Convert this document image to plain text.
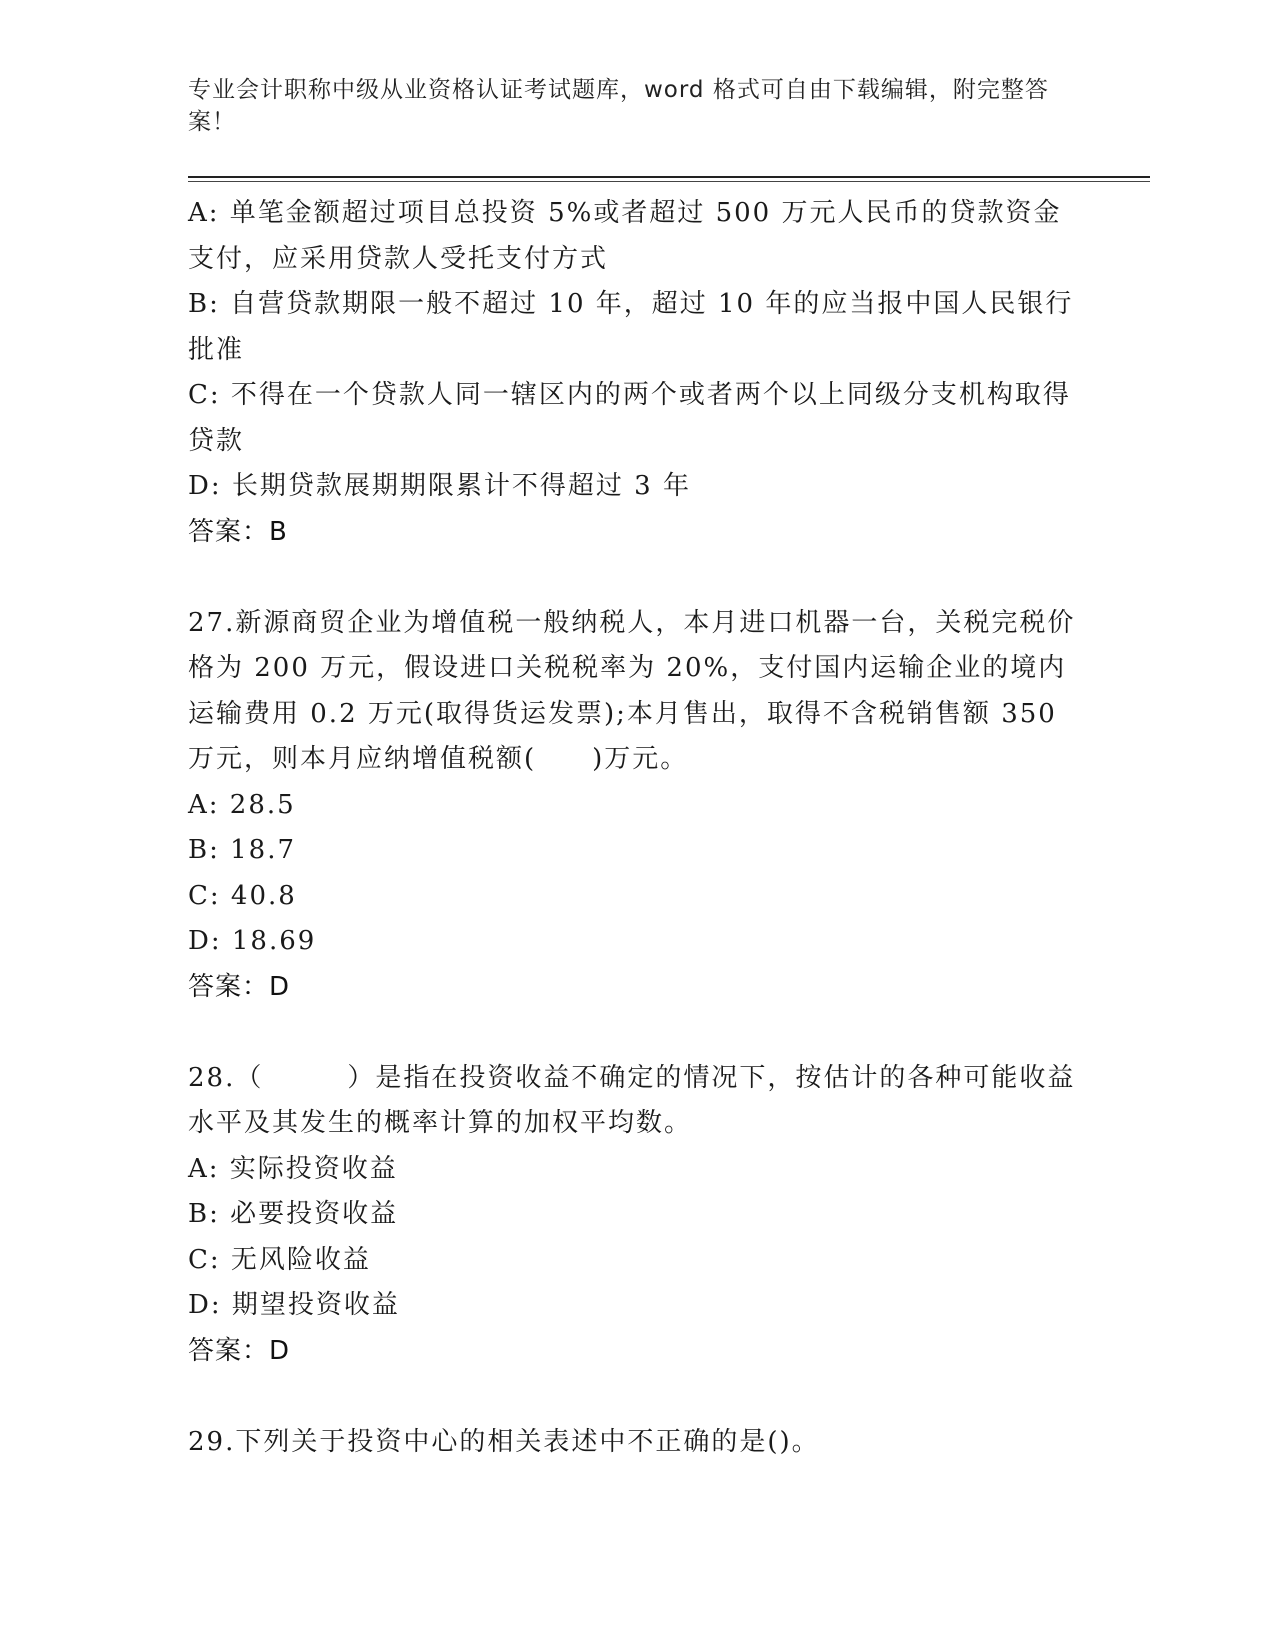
专业会计职称中级从业资格认证考试题库，word 格式可自由下载编辑，附完整答案！
A: 单笔金额超过项目总投资 5%或者超过 500 万元人民币的贷款资金支付，应采用贷款人受托支付方式
B: 自营贷款期限一般不超过 10 年，超过 10 年的应当报中国人民银行批准
C: 不得在一个贷款人同一辖区内的两个或者两个以上同级分支机构取得贷款
D: 长期贷款展期期限累计不得超过 3 年
答案：B
27.新源商贸企业为增值税一般纳税人，本月进口机器一台，关税完税价格为 200 万元，假设进口关税税率为 20%，支付国内运输企业的境内运输费用 0.2 万元(取得货运发票);本月售出，取得不含税销售额 350 万元，则本月应纳增值税额(　　)万元。
A: 28.5
B: 18.7
C: 40.8
D: 18.69
答案：D
28.（　　　）是指在投资收益不确定的情况下，按估计的各种可能收益水平及其发生的概率计算的加权平均数。
A: 实际投资收益
B: 必要投资收益
C: 无风险收益
D: 期望投资收益
答案：D
29.下列关于投资中心的相关表述中不正确的是()。
